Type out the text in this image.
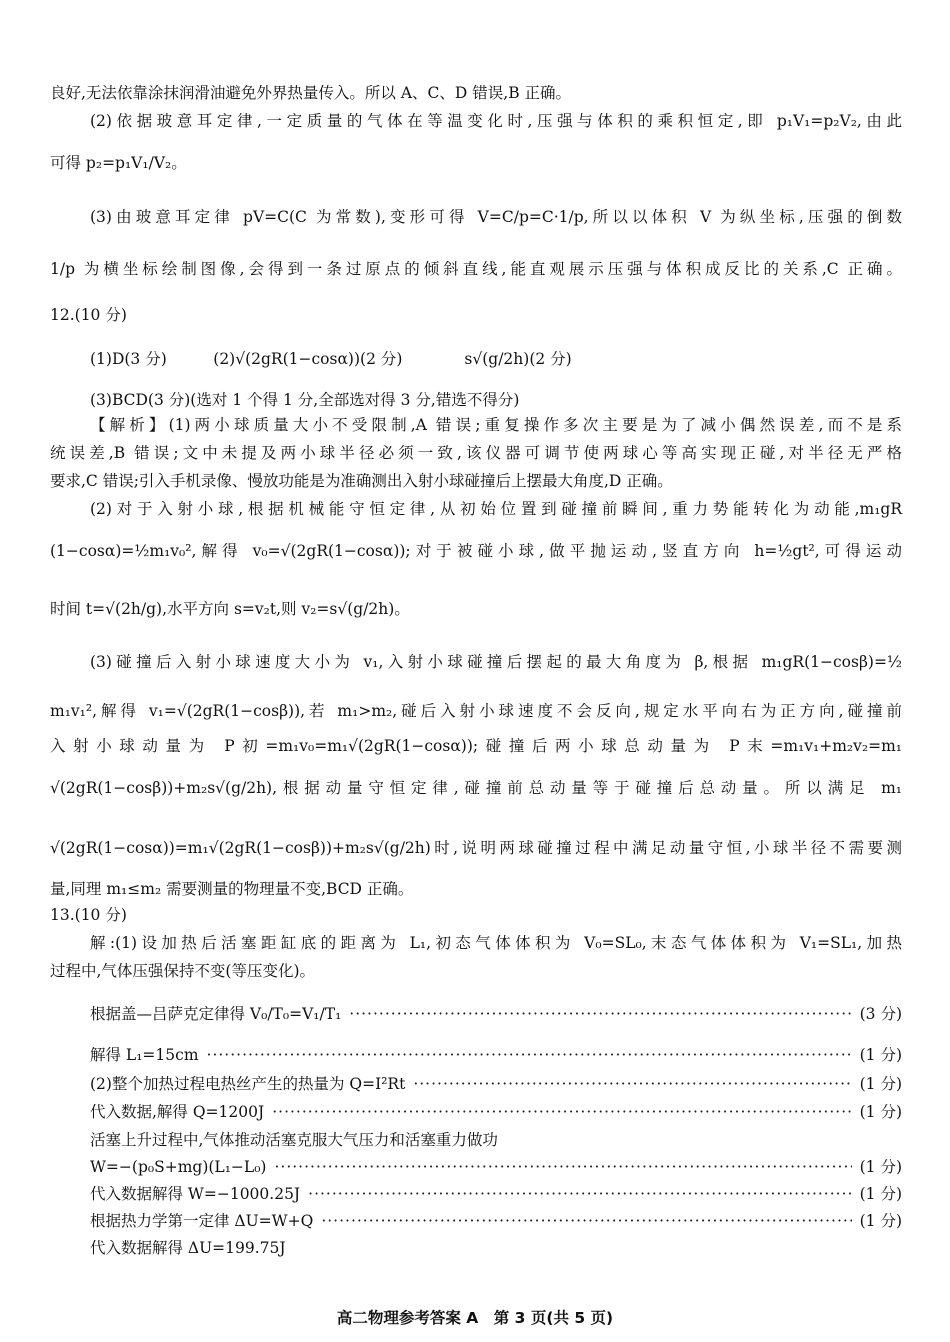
良好,无法依靠涂抹润滑油避免外界热量传入。所以 A、C、D 错误,B 正确。
(2)依据玻意耳定律,一定质量的气体在等温变化时,压强与体积的乘积恒定,即 p₁V₁=p₂V₂,由此
可得 p₂=p₁V₁/V₂。
(3)由玻意耳定律 pV=C(C 为常数),变形可得 V=C/p=C·1/p,所以以体积 V 为纵坐标,压强的倒数
1/p 为横坐标绘制图像,会得到一条过原点的倾斜直线,能直观展示压强与体积成反比的关系,C 正确。
12.(10 分)
(1)D(3 分)　　　(2)√(2gR(1−cosα))(2 分)　　　　s√(g/2h)(2 分)
(3)BCD(3 分)(选对 1 个得 1 分,全部选对得 3 分,错选不得分)
【解析】(1)两小球质量大小不受限制,A 错误;重复操作多次主要是为了减小偶然误差,而不是系
统误差,B 错误;文中未提及两小球半径必须一致,该仪器可调节使两球心等高实现正碰,对半径无严格
要求,C 错误;引入手机录像、慢放功能是为准确测出入射小球碰撞后上摆最大角度,D 正确。
(2)对于入射小球,根据机械能守恒定律,从初始位置到碰撞前瞬间,重力势能转化为动能,m₁gR
(1−cosα)=½m₁v₀²,解得 v₀=√(2gR(1−cosα));对于被碰小球,做平抛运动,竖直方向 h=½gt²,可得运动
时间 t=√(2h/g),水平方向 s=v₂t,则 v₂=s√(g/2h)。
(3)碰撞后入射小球速度大小为 v₁,入射小球碰撞后摆起的最大角度为 β,根据 m₁gR(1−cosβ)=½
m₁v₁²,解得 v₁=√(2gR(1−cosβ)),若 m₁>m₂,碰后入射小球速度不会反向,规定水平向右为正方向,碰撞前
入射小球动量为 P初=m₁v₀=m₁√(2gR(1−cosα));碰撞后两小球总动量为 P末=m₁v₁+m₂v₂=m₁
√(2gR(1−cosβ))+m₂s√(g/2h),根据动量守恒定律,碰撞前总动量等于碰撞后总动量。所以满足 m₁
√(2gR(1−cosα))=m₁√(2gR(1−cosβ))+m₂s√(g/2h)时,说明两球碰撞过程中满足动量守恒,小球半径不需要测
量,同理 m₁≤m₂ 需要测量的物理量不变,BCD 正确。
13.(10 分)
解:(1)设加热后活塞距缸底的距离为 L₁,初态气体体积为 V₀=SL₀,末态气体体积为 V₁=SL₁,加热
过程中,气体压强保持不变(等压变化)。
根据盖—吕萨克定律得 V₀/T₀=V₁/T₁ ·····	(3 分)
解得 L₁=15cm ·····	(1 分)
(2)整个加热过程电热丝产生的热量为 Q=I²Rt ·····	(1 分)
代入数据,解得 Q=1200J ·····	(1 分)
活塞上升过程中,气体推动活塞克服大气压力和活塞重力做功
W=−(p₀S+mg)(L₁−L₀) ·····	(1 分)
代入数据解得 W=−1000.25J ·····	(1 分)
根据热力学第一定律 ΔU=W+Q ·····	(1 分)
代入数据解得 ΔU=199.75J
高二物理参考答案 A　第 3 页(共 5 页)
